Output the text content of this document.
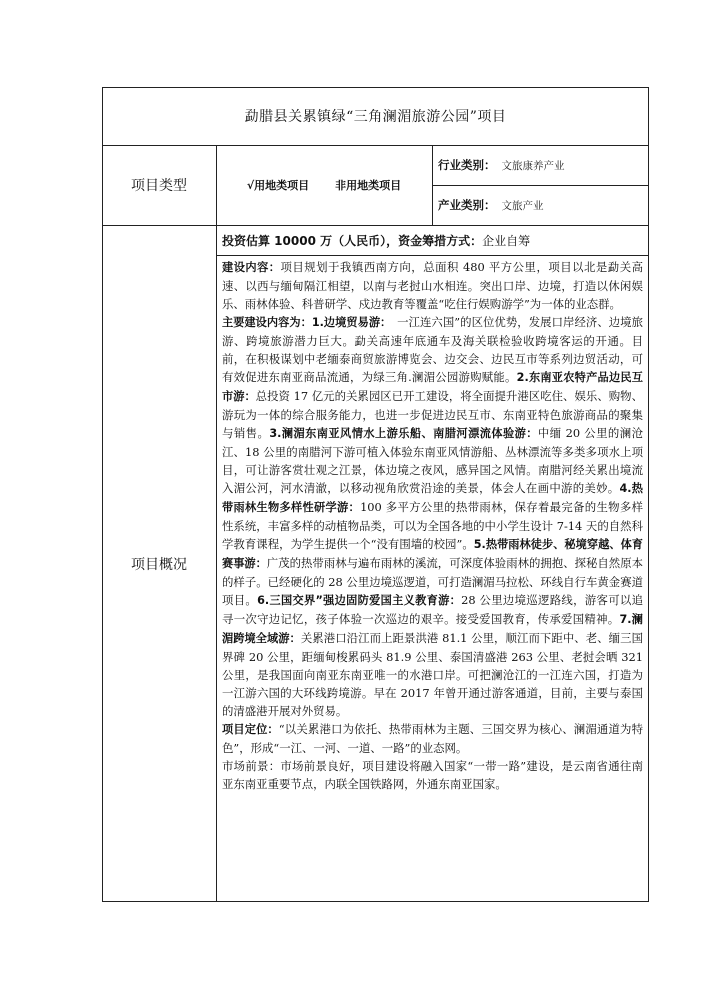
勐腊县关累镇绿“三角澜湄旅游公园”项目
项目类型	√用地类项目 非用地类项目
行业类别： 文旅康养产业
产业类别： 文旅产业
项目概况
投资估算 10000 万（人民币），资金筹措方式： 企业自筹

建设内容：项目规划于我镇西南方向，总面积 480 平方公里，项目以北是勐关高速、以西与缅甸隔江相望，以南与老挝山水相连。突出口岸、边境，打造以休闲娱乐、雨林体验、科普研学、戍边教育等覆盖“吃住行娱购游学”为一体的业态群。

主要建设内容为：1.边境贸易游：　一江连六国”的区位优势，发展口岸经济、边境旅游、跨境旅游潜力巨大。勐关高速年底通车及海关联检验收跨境客运的开通。目前，在积极谋划中老缅泰商贸旅游博览会、边交会、边民互市等系列边贸活动，可有效促进东南亚商品流通，为绿三角.澜湄公园游购赋能。2.东南亚农特产品边民互市游：总投资 17 亿元的关累园区已开工建设，将全面提升港区吃住、娱乐、购物、游玩为一体的综合服务能力，也进一步促进边民互市、东南亚特色旅游商品的聚集与销售。3.澜湄东南亚风情水上游乐船、南腊河漂流体验游：中缅 20 公里的澜沧江、18 公里的南腊河下游可植入体验东南亚风情游船、丛林漂流等多类多项水上项目，可让游客赏壮观之江景，体边境之夜风，感异国之风情。南腊河经关累出境流入湄公河，河水清澈，以移动视角欣赏沿途的美景，体会人在画中游的美妙。4.热带雨林生物多样性研学游：100 多平方公里的热带雨林，保存着最完备的生物多样性系统，丰富多样的动植物品类，可以为全国各地的中小学生设计 7-14 天的自然科学教育课程，为学生提供一个“没有围墙的校园”。5.热带雨林徒步、秘境穿越、体育赛事游：广茂的热带雨林与遍布雨林的溪流，可深度体验雨林的拥抱、探秘自然原本的样子。已经硬化的 28 公里边境巡逻道，可打造澜湄马拉松、环线自行车黄金赛道项目。6.三国交界”强边固防爱国主义教育游：28 公里边境巡逻路线，游客可以追寻一次守边记忆，孩子体验一次巡边的艰辛。接受爱国教育，传承爱国精神。7.澜湄跨境全域游：关累港口沿江而上距景洪港 81.1 公里，顺江而下距中、老、缅三国界碑 20 公里，距缅甸梭累码头 81.9 公里、泰国清盛港 263 公里、老挝会晒 321 公里，是我国面向南亚东南亚唯一的水港口岸。可把澜沧江的一江连六国，打造为一江游六国的大环线跨境游。早在 2017 年曾开通过游客通道，目前，主要与泰国的清盛港开展对外贸易。

项目定位：“以关累港口为依托、热带雨林为主题、三国交界为核心、澜湄通道为特色”，形成“一江、一河、一道、一路”的业态网。

市场前景：市场前景良好，项目建设将融入国家“一带一路”建设，是云南省通往南亚东南亚重要节点，内联全国铁路网，外通东南亚国家。
